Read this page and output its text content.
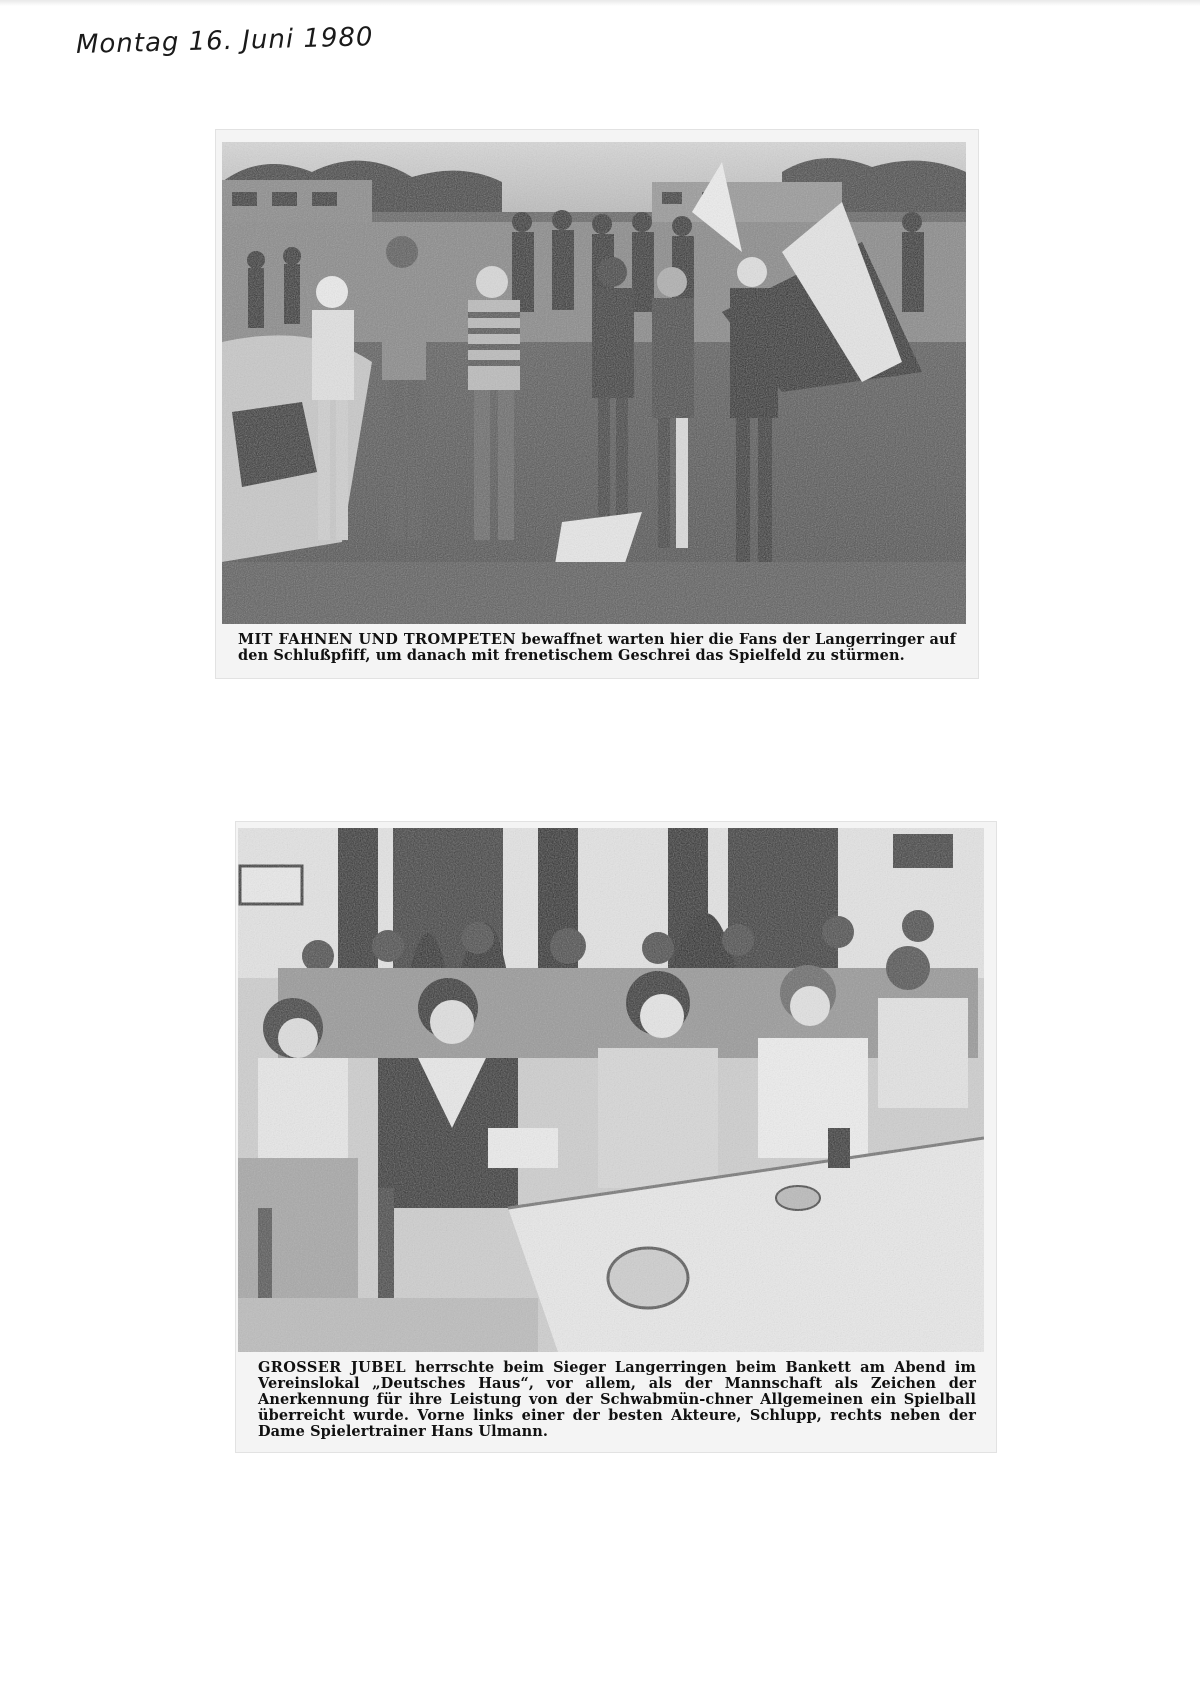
Montag 16. Juni 1980
MIT FAHNEN UND TROMPETEN bewaffnet warten hier die Fans der Langerringer auf den Schlußpfiff, um danach mit frenetischem Geschrei das Spielfeld zu stürmen.
GROSSER JUBEL herrschte beim Sieger Langerringen beim Bankett am Abend im Vereinslokal „Deutsches Haus“, vor allem, als der Mannschaft als Zeichen der Anerkennung für ihre Leistung von der Schwabmün-chner Allgemeinen ein Spielball überreicht wurde. Vorne links einer der besten Akteure, Schlupp, rechts neben der Dame Spielertrainer Hans Ulmann.
